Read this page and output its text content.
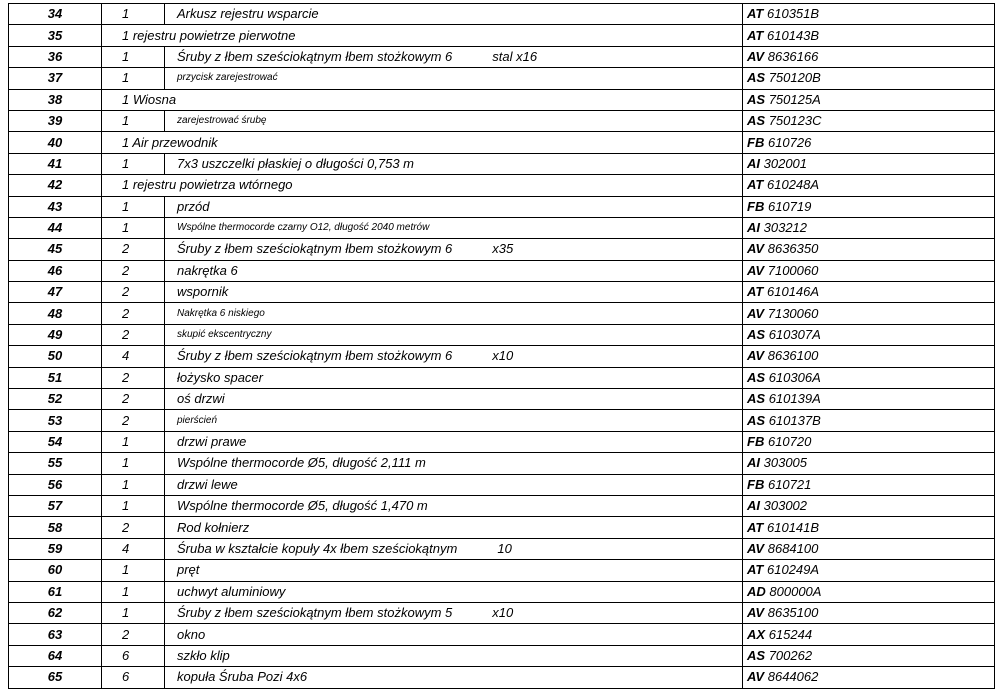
34	1	Arkusz rejestru wsparcie	AT 610351B
35	1 rejestru powietrze pierwotne		AT 610143B
36	1	Śruby z łbem sześciokątnym łbem stożkowym 6 stal x16	AV 8636166
37	1	przycisk zarejestrować	AS 750120B
38	1 Wiosna		AS 750125A
39	1	zarejestrować śrubę	AS 750123C
40	1 Air przewodnik		FB 610726
41	1	7x3 uszczelki płaskiej o długości 0,753 m	AI 302001
42	1 rejestru powietrza wtórnego		AT 610248A
43	1	przód	FB 610719
44	1	Wspólne thermocorde czarny O12, długość 2040 metrów	AI 303212
45	2	Śruby z łbem sześciokątnym łbem stożkowym 6 x35	AV 8636350
46	2	nakrętka 6	AV 7100060
47	2	wspornik	AT 610146A
48	2	Nakrętka 6 niskiego	AV 7130060
49	2	skupić ekscentryczny	AS 610307A
50	4	Śruby z łbem sześciokątnym łbem stożkowym 6 x10	AV 8636100
51	2	łożysko spacer	AS 610306A
52	2	oś drzwi	AS 610139A
53	2	pierścień	AS 610137B
54	1	drzwi prawe	FB 610720
55	1	Wspólne thermocorde Ø5, długość 2,111 m	AI 303005
56	1	drzwi lewe	FB 610721
57	1	Wspólne thermocorde Ø5, długość 1,470 m	AI 303002
58	2	Rod kołnierz	AT 610141B
59	4	Śruba w kształcie kopuły 4x łbem sześciokątnym 10	AV 8684100
60	1	pręt	AT 610249A
61	1	uchwyt aluminiowy	AD 800000A
62	1	Śruby z łbem sześciokątnym łbem stożkowym 5 x10	AV 8635100
63	2	okno	AX 615244
64	6	szkło klip	AS 700262
65	6	kopuła Śruba Pozi 4x6	AV 8644062
